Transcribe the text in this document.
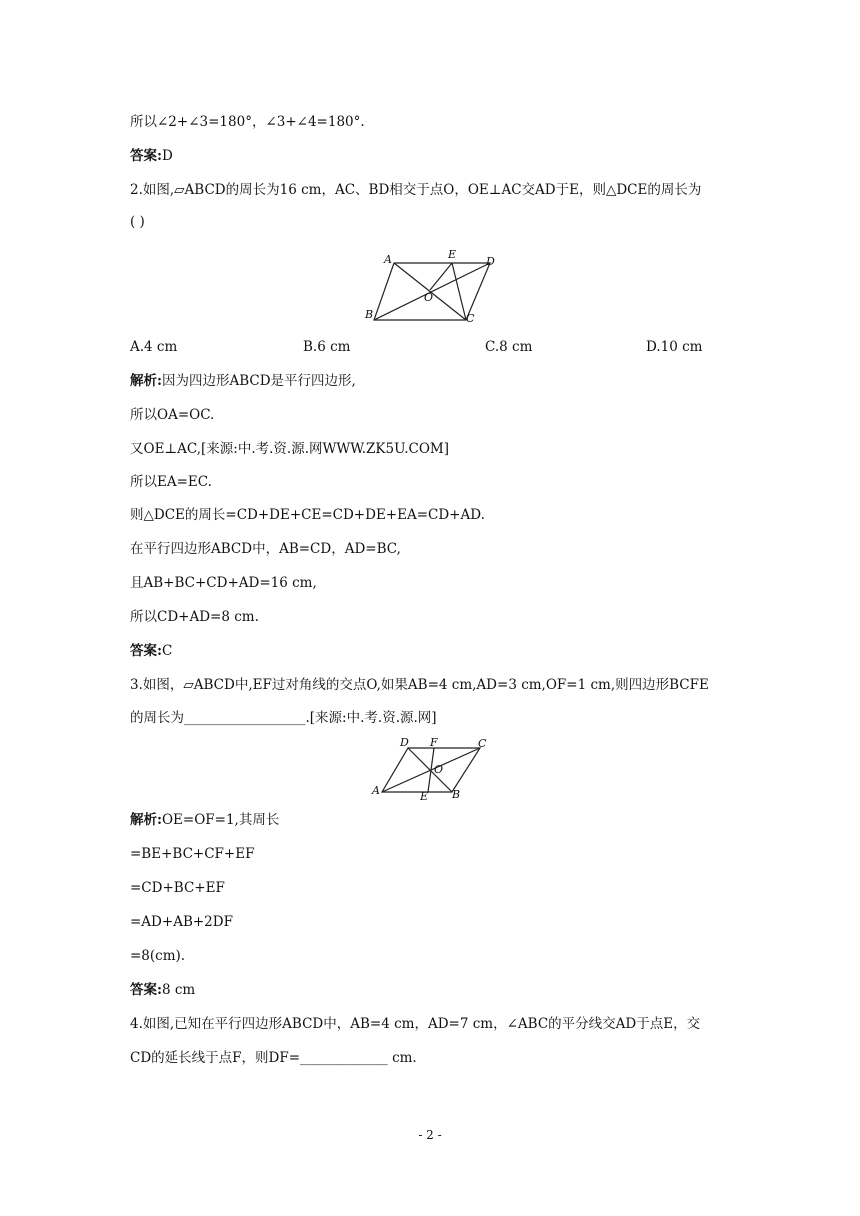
所以∠2+∠3=180°，∠3+∠4=180°.
答案:D
2.如图,▱ABCD的周长为16 cm，AC、BD相交于点O，OE⊥AC交AD于E，则△DCE的周长为
( )
A	E
D
O
B	C
A.4 cm	B.6 cm	C.8 cm	D.10 cm
解析:因为四边形ABCD是平行四边形,
所以OA=OC.
又OE⊥AC,[来源:中.考.资.源.网WWW.ZK5U.COM]
所以EA=EC.
则△DCE的周长=CD+DE+CE=CD+DE+EA=CD+AD.
在平行四边形ABCD中，AB=CD，AD=BC,
且AB+BC+CD+AD=16 cm,
所以CD+AD=8 cm.
答案:C
3.如图，▱ABCD中,EF过对角线的交点O,如果AB=4 cm,AD=3 cm,OF=1 cm,则四边形BCFE
的周长为__________________.[来源:中.考.资.源.网]
D F	C
O
A	E B
解析:OE=OF=1,其周长
=BE+BC+CF+EF
=CD+BC+EF
=AD+AB+2DF
=8(cm).
答案:8 cm
4.如图,已知在平行四边形ABCD中，AB=4 cm，AD=7 cm，∠ABC的平分线交AD于点E，交
CD的延长线于点F，则DF=_____________ cm.
- 2 -
